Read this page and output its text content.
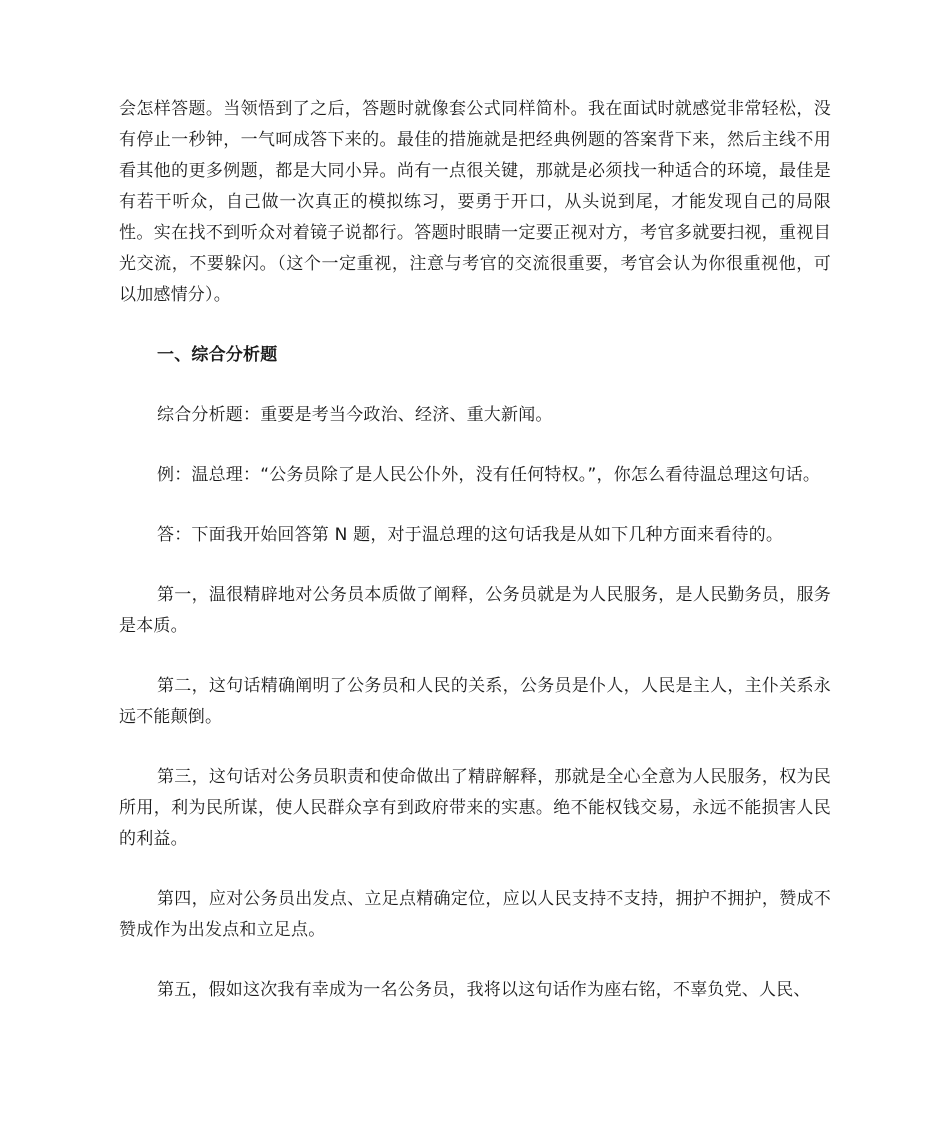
会怎样答题。当领悟到了之后，答题时就像套公式同样简朴。我在面试时就感觉非常轻松，没有停止一秒钟，一气呵成答下来的。最佳的措施就是把经典例题的答案背下来，然后主线不用看其他的更多例题，都是大同小异。尚有一点很关键，那就是必须找一种适合的环境，最佳是有若干听众，自己做一次真正的模拟练习，要勇于开口，从头说到尾，才能发现自己的局限性。实在找不到听众对着镜子说都行。答题时眼睛一定要正视对方，考官多就要扫视，重视目光交流，不要躲闪。（这个一定重视，注意与考官的交流很重要，考官会认为你很重视他，可以加感情分）。

一、综合分析题

综合分析题：重要是考当今政治、经济、重大新闻。

例：温总理：“公务员除了是人民公仆外，没有任何特权。”，你怎么看待温总理这句话。

答：下面我开始回答第 N 题，对于温总理的这句话我是从如下几种方面来看待的。

第一，温很精辟地对公务员本质做了阐释，公务员就是为人民服务，是人民勤务员，服务是本质。

第二，这句话精确阐明了公务员和人民的关系，公务员是仆人，人民是主人，主仆关系永远不能颠倒。

第三，这句话对公务员职责和使命做出了精辟解释，那就是全心全意为人民服务，权为民所用，利为民所谋，使人民群众享有到政府带来的实惠。绝不能权钱交易，永远不能损害人民的利益。

第四，应对公务员出发点、立足点精确定位，应以人民支持不支持，拥护不拥护，赞成不赞成作为出发点和立足点。

第五，假如这次我有幸成为一名公务员，我将以这句话作为座右铭，不辜负党、人民、
